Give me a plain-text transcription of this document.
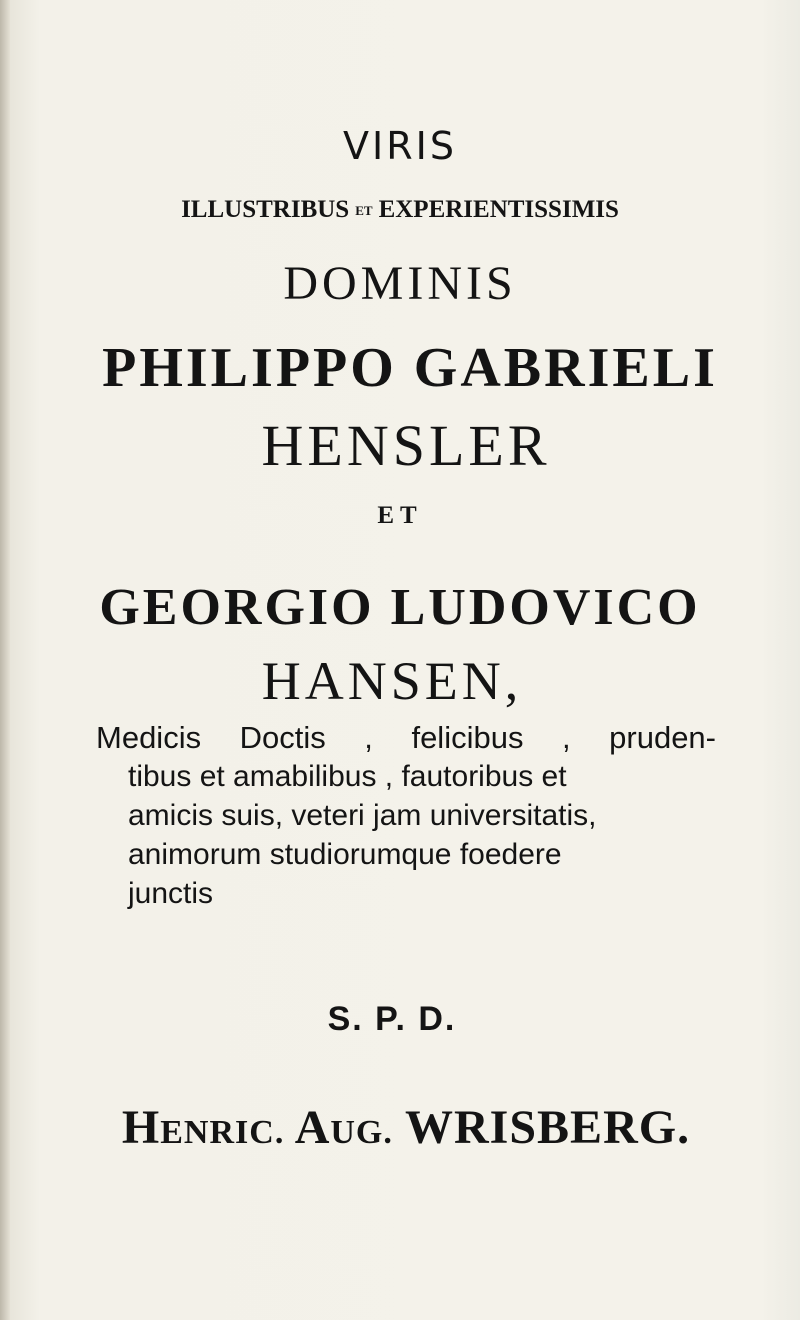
VIRIS
ILLUSTRIBUS ET EXPERIENTISSIMIS
DOMINIS
PHILIPPO GABRIELI
HENSLER
ET
GEORGIO LUDOVICO
HANSEN,
Medicis Doctis , felicibus , pruden-
tibus et amabilibus , fautoribus et
amicis suis, veteri jam universitatis,
animorum studiorumque foedere
junctis
S. P. D.
HENRIC. AUG. WRISBERG.
